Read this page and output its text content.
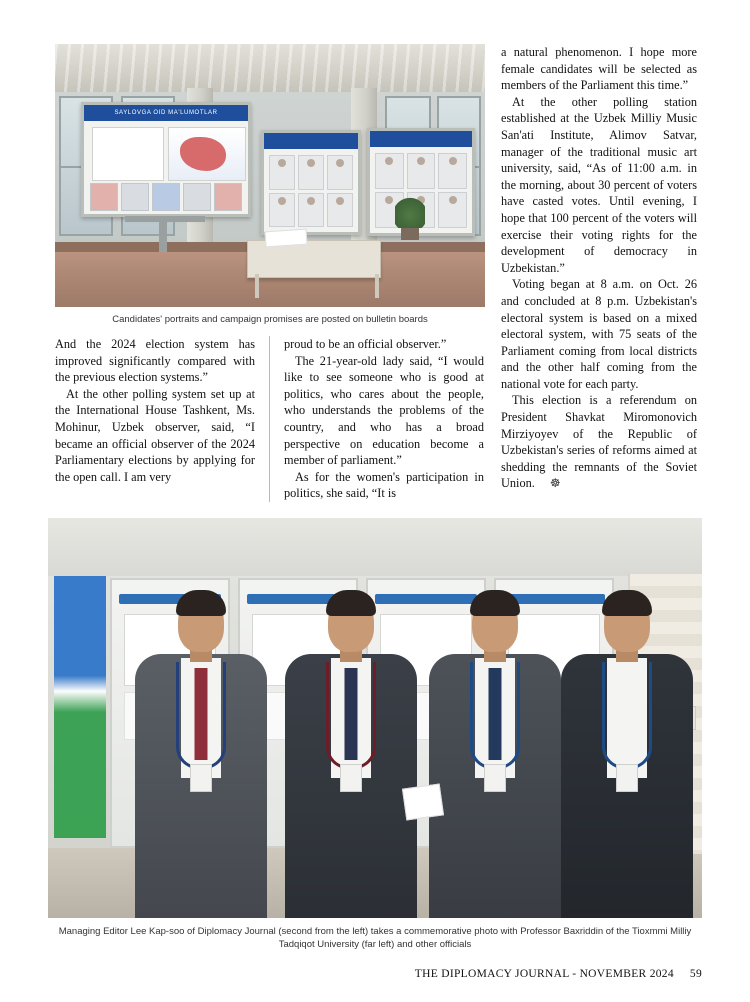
SAYLOVGA OID MA'LUMOTLAR
Candidates' portraits and campaign promises are posted on bulletin boards

And the 2024 election system has improved significantly compared with the previous election systems.”

At the other polling system set up at the International House Tashkent, Ms. Mohinur, Uzbek observer, said, “I became an official observer of the 2024 Parliamentary elections by applying for the open call. I am very

proud to be an official observer.”

The 21-year-old lady said, “I would like to see someone who is good at politics, who cares about the people, who understands the problems of the country, and who has a broad perspective on education become a member of parliament.”

As for the women's participation in politics, she said, “It is

a natural phenomenon. I hope more female candidates will be selected as members of the Parliament this time.”

At the other polling station established at the Uzbek Milliy Music San'ati Institute, Alimov Satvar, manager of the traditional music art university, said, “As of 11:00 a.m. in the morning, about 30 percent of voters have casted votes. Until evening, I hope that 100 percent of the voters will exercise their voting rights for the development of democracy in Uzbekistan.”

Voting began at 8 a.m. on Oct. 26 and concluded at 8 p.m. Uzbekistan's electoral system is based on a mixed electoral system, with 75 seats of the Parliament coming from local districts and the other half coming from the national vote for each party.

This election is a referendum on President Shavkat Miromonovich Mirziyoyev of the Republic of Uzbekistan's series of reforms aimed at shedding the remnants of the Soviet Union. ☸

Managing Editor Lee Kap-soo of Diplomacy Journal (second from the left) takes a commemorative photo with Professor Baxriddin of the Tioxmmi Milliy Tadqiqot University (far left) and other officials
THE DIPLOMACY JOURNAL - NOVEMBER 2024 59
